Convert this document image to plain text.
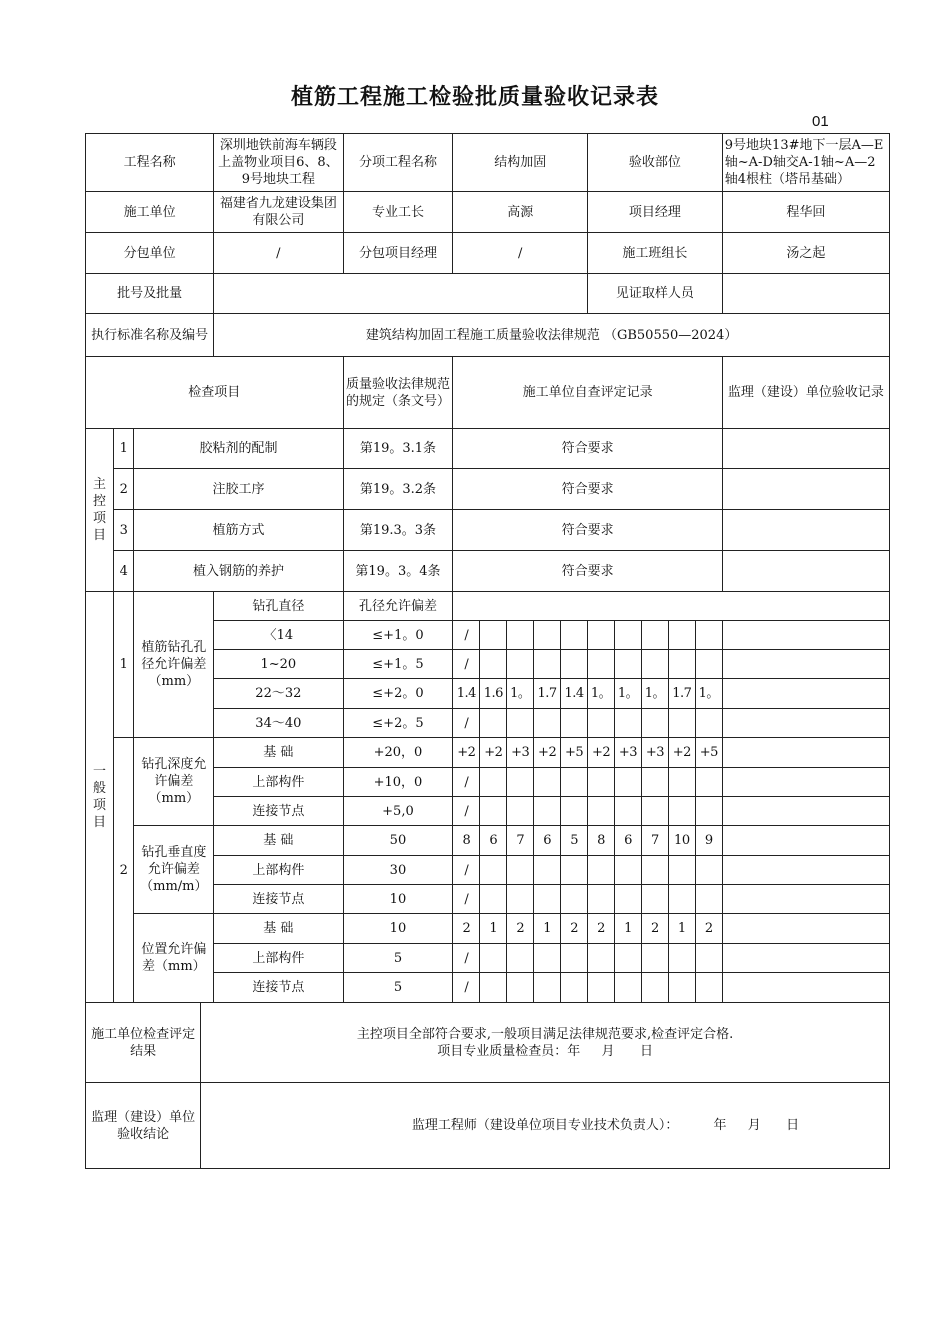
植筋工程施工检验批质量验收记录表
01
工程名称				深圳地铁前海车辆段上盖物业项目6、8、9号地块工程	分项工程名称	结构加固					验收部位					9号地块13#地下一层A—E轴~A-D轴交A-1轴~A—2轴4根柱（塔吊基础）
施工单位				福建省九龙建设集团有限公司	专业工长	高源					项目经理					程华回
分包单位				/	分包项目经理	/					施工班组长					汤之起
批号及批量											见证取样人员					
执行标准名称及编号				建筑结构加固工程施工质量验收法律规范 （GB50550—2024）												
检查项目					质量验收法律规范的规定（条文号）	施工单位自查评定记录										监理（建设）单位验收记录
主控项目	1	胶粘剂的配制			第19。3.1条	符合要求										
	2	注胶工序			第19。3.2条	符合要求										
	3	植筋方式			第19.3。3条	符合要求										
	4	植入钢筋的养护			第19。3。4条	符合要求										
一般项目	1	植筋钻孔孔径允许偏差（mm）		钻孔直径	孔径允许偏差											
				〈14	≤+1。0	/										
				1~20	≤+1。5	/										
				22～32	≤+2。0	1.4	1.6	1。	1.7	1.4	1。	1。	1。	1.7	1。	
				34～40	≤+2。5	/										
	2	钻孔深度允许偏差（mm）		基 础	+20，0	+2	+2	+3	+2	+5	+2	+3	+3	+2	+5	
				上部构件	+10，0	/										
				连接节点	+5,0	/										
		钻孔垂直度允许偏差（mm/m）		基 础	50	8	6	7	6	5	8	6	7	10	9	
				上部构件	30	/										
				连接节点	10	/										
		位置允许偏差（mm）		基 础	10	2	1	2	1	2	2	1	2	1	2	
				上部构件	5	/										
				连接节点	5	/										
施工单位检查评定结果			主控项目全部符合要求,一般项目满足法律规范要求,检查评定合格.
项目专业质量检查员：年　  月　   日													

监理（建设）单位验收结论			监理工程师（建设单位项目专业技术负责人）： 年　  月　   日													
